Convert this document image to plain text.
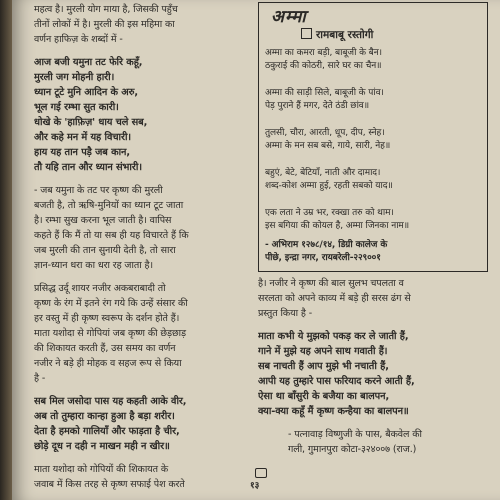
महत्व है। मुरली योग माया है, जिसकी पहुँच
तीनों लोकों में है। मुरली की इस महिमा का
वर्णन हाफिज़ के शब्दों में -
आज बजी यमुना तट फेरि कहूँ,
मुरली जग मोहनी हारी।
ध्यान टूटे मुनि आदिन के अरु,
भूल गई रम्भा सुत कारी।
धोखे के 'हाफ़िज़' धाय चले सब,
और कहे मन में यह विचारी।
हाय यह तान पड़ै जब कान,
तौ यहि तान और ध्यान संभारी।
- जब यमुना के तट पर कृष्ण की मुरली
बजती है, तो ऋषि-मुनियों का ध्यान टूट जाता
है। रम्भा सुख करना भूल जाती है। वापिस
कहते हैं कि मैं तो या सब ही यह विचारते हैं कि
जब मुरली की तान सुनायी देती है, तो सारा
ज्ञान-ध्यान धरा का धरा रह जाता है।
प्रसिद्ध उर्दू शायर नजीर अकबराबादी तो
कृष्ण के रंग में इतने रंग गये कि उन्हें संसार की
हर वस्तु में ही कृष्ण स्वरूप के दर्शन होते हैं।
माता यशोदा से गोपियां जब कृष्ण की छेड़छाड़
की शिकायत करती हैं, उस समय का वर्णन
नजीर ने बड़े ही मोहक व सहज रूप से किया
है -
सब मिल जसोदा पास यह कहती आके वीर,
अब तो तुम्हारा कान्हा हुआ है बड़ा शरीर।
देता है हमको गालियाँ और फाड़ता है चीर,
छोड़े दूध न दही न माखन मही न खीर॥
माता यशोदा को गोपियों की शिकायत के
जवाब में किस तरह से कृष्ण सफाई पेश करते
अम्मा
रामबाबू रस्तोगी
अम्मा का कमरा बड़ी, बाबूजी के बैन।
ठकुराई की कोठरी, सारे घर का चैन॥
अम्मा की साड़ी सिले, बाबूजी के पांव।
पेड़ पुराने हैं मगर, देते ठंडी छांव॥
तुलसी, चौरा, आरती, धूप, दीप, स्नेह।
अम्मा के मन सब बसे, गाये, सारी, नेह॥
बहुएं, बेटे, बेटियाँ, नाती और दामाद।
शब्द-कोश अम्मा हुई, रहती सबको याद॥
एक लता ने उम्र भर, रक्खा तरु को थाम।
इस बगिया की कोयल है, अम्मा जिनका नाम॥
- अभिराम १२७८/१४, डिग्री कालेज के
पीछे, इन्द्रा नगर, रायबरेली-२२९००१
है। नजीर ने कृष्ण की बाल सुलभ चपलता व
सरलता को अपने काव्य में बड़े ही सरस ढंग से
प्रस्तुत किया है -
माता कभी ये मुझको पकड़ कर ले जाती हैं,
गाने में मुझे यह अपने साथ गवाती हैं।
सब नाचती हैं आप मुझे भी नचाती हैं,
आपी यह तुम्हारे पास फरियाद करने आती हैं,
ऐसा था बाँसुरी के बजैया का बालपन,
क्या-क्या कहूँ मैं कृष्ण कन्हैया का बालपन॥
- पत्नावाड़ विष्णुजी के पास, बैकवेल की
गली, गुमानपुरा कोटा-३२४००७ (राज.)
१३
